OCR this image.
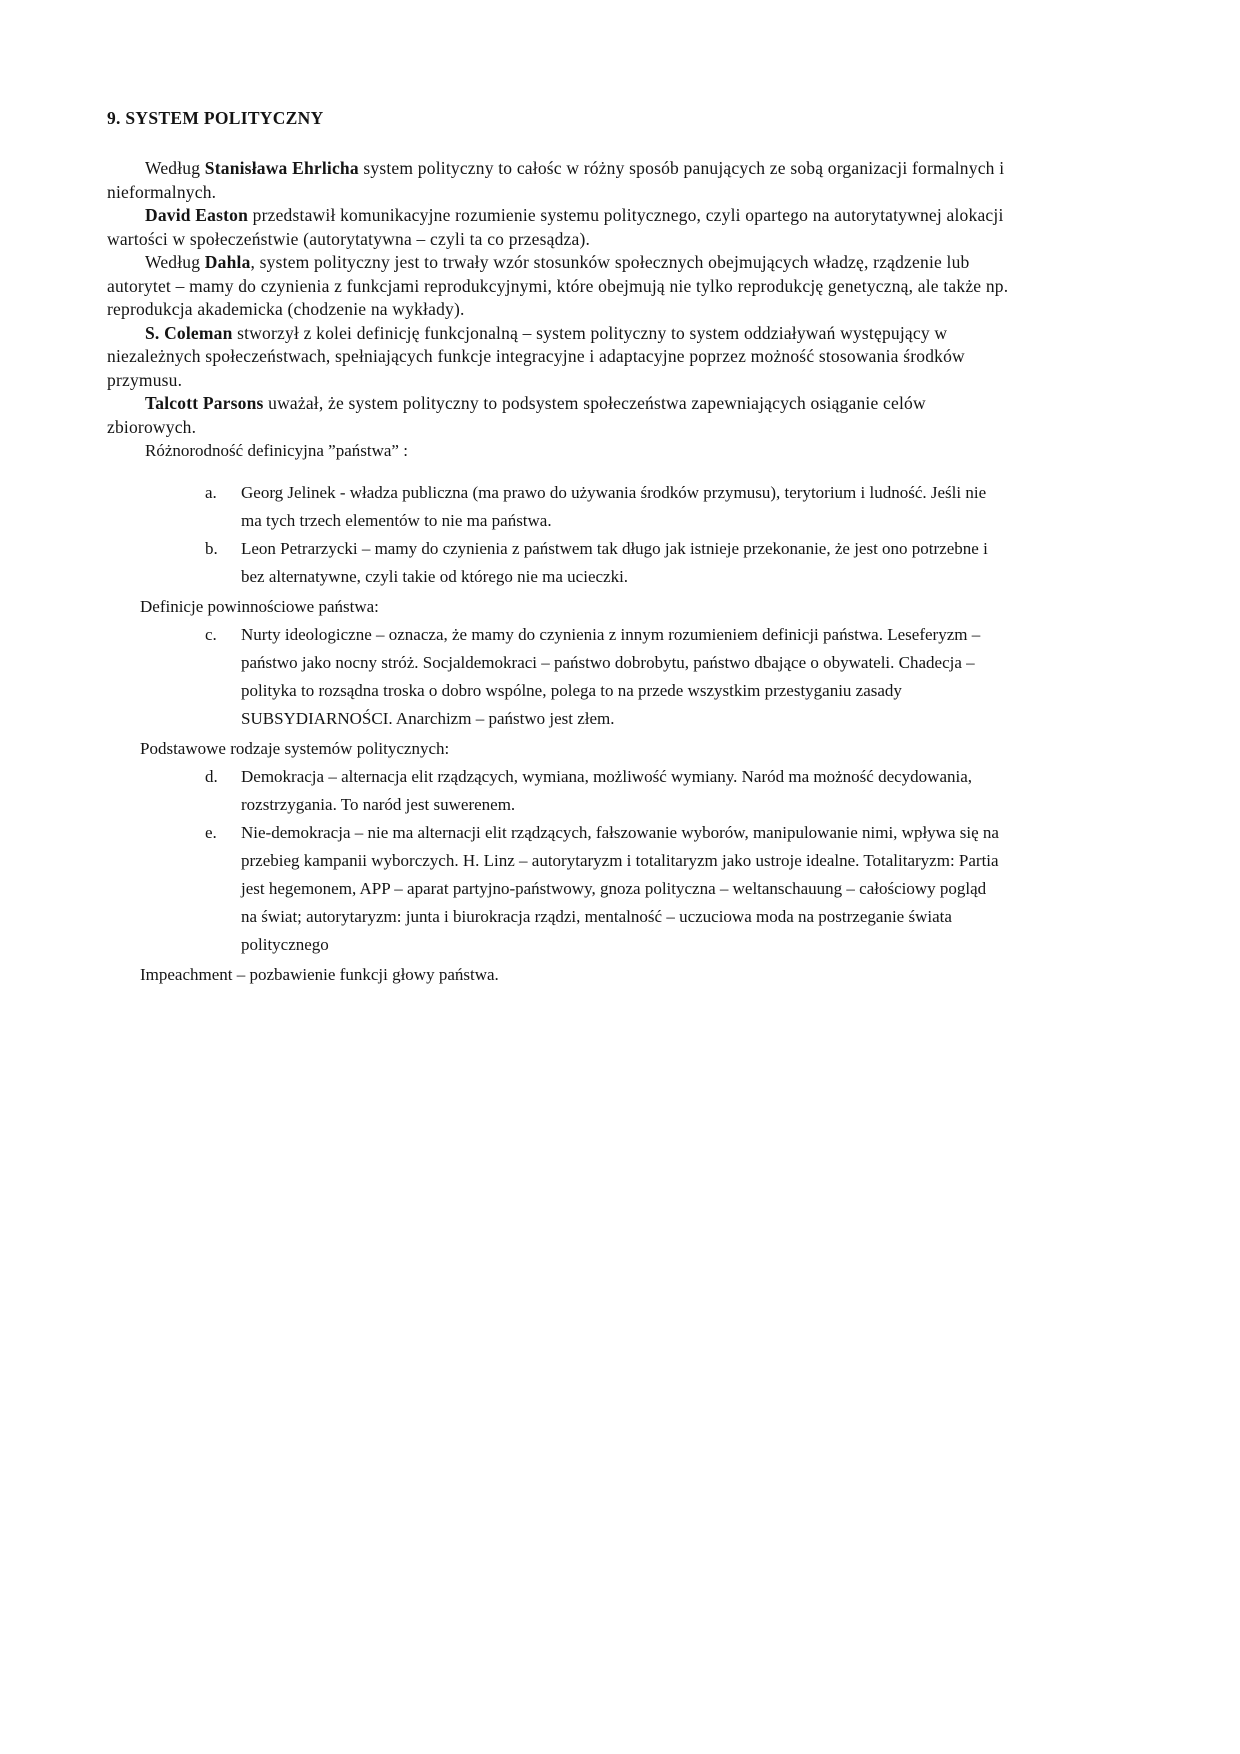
9. SYSTEM POLITYCZNY

Według Stanisława Ehrlicha system polityczny to całośc w różny sposób panujących ze sobą organizacji formalnych i nieformalnych.

David Easton przedstawił komunikacyjne rozumienie systemu politycznego, czyli opartego na autorytatywnej alokacji wartości w społeczeństwie (autorytatywna – czyli ta co przesądza).

Według Dahla, system polityczny jest to trwały wzór stosunków społecznych obejmujących władzę, rządzenie lub autorytet – mamy do czynienia z funkcjami reprodukcyjnymi, które obejmują nie tylko reprodukcję genetyczną, ale także np. reprodukcja akademicka (chodzenie na wykłady).

S. Coleman stworzył z kolei definicję funkcjonalną – system polityczny to system oddziaływań występujący w niezależnych społeczeństwach, spełniających funkcje integracyjne i adaptacyjne poprzez możność stosowania środków przymusu.

Talcott Parsons uważał, że system polityczny to podsystem społeczeństwa zapewniających osiąganie celów zbiorowych.

Różnorodność definicyjna ”państwa” :

a.	Georg Jelinek - władza publiczna (ma prawo do używania środków przymusu), terytorium i ludność. Jeśli nie ma tych trzech elementów to nie ma państwa.
b.	Leon Petrarzycki – mamy do czynienia z państwem tak długo jak istnieje przekonanie, że jest ono potrzebne i bez alternatywne, czyli takie od którego nie ma ucieczki.

Definicje powinnościowe państwa:

c.	Nurty ideologiczne – oznacza, że mamy do czynienia z innym rozumieniem definicji państwa. Leseferyzm – państwo jako nocny stróż. Socjaldemokraci – państwo dobrobytu, państwo dbające o obywateli. Chadecja – polityka to rozsądna troska o dobro wspólne, polega to na przede wszystkim przestyganiu zasady SUBSYDIARNOŚCI. Anarchizm – państwo jest złem.

Podstawowe rodzaje systemów politycznych:

d.	Demokracja – alternacja elit rządzących, wymiana, możliwość wymiany. Naród ma możność decydowania, rozstrzygania. To naród jest suwerenem.
e.	Nie-demokracja – nie ma alternacji elit rządzących, fałszowanie wyborów, manipulowanie nimi, wpływa się na przebieg kampanii wyborczych. H. Linz – autorytaryzm i totalitaryzm jako ustroje idealne. Totalitaryzm: Partia jest hegemonem, APP – aparat partyjno-państwowy, gnoza polityczna – weltanschauung – całościowy pogląd na świat; autorytaryzm: junta i biurokracja rządzi, mentalność – uczuciowa moda na postrzeganie świata politycznego

Impeachment – pozbawienie funkcji głowy państwa.
